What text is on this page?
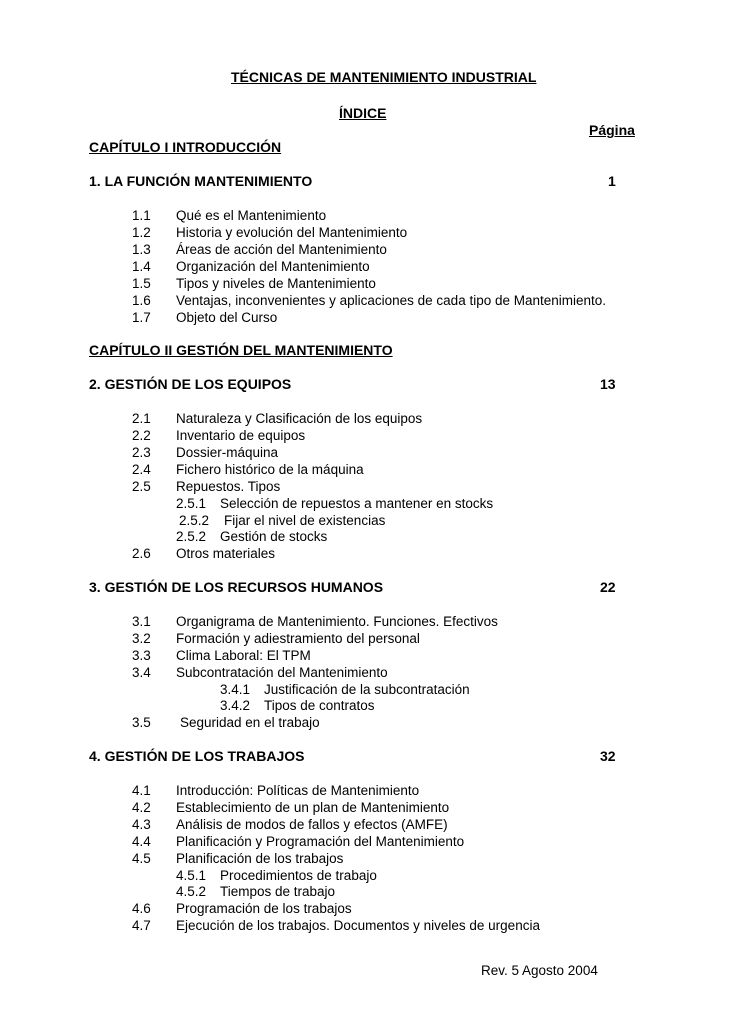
TÉCNICAS DE MANTENIMIENTO INDUSTRIAL
ÍNDICE
Página
CAPÍTULO I INTRODUCCIÓN
1. LA FUNCIÓN MANTENIMIENTO	1
1.1 Qué es el Mantenimiento
1.2 Historia y evolución del Mantenimiento
1.3 Áreas de acción del Mantenimiento
1.4 Organización del Mantenimiento
1.5 Tipos y niveles de Mantenimiento
1.6 Ventajas, inconvenientes y aplicaciones de cada tipo de Mantenimiento.
1.7 Objeto del Curso
CAPÍTULO II GESTIÓN DEL MANTENIMIENTO
2. GESTIÓN DE LOS EQUIPOS	13
2.1 Naturaleza y Clasificación de los equipos
2.2 Inventario de equipos
2.3 Dossier-máquina
2.4 Fichero histórico de la máquina
2.5 Repuestos. Tipos
2.5.1 Selección de repuestos a mantener en stocks
2.5.2 Fijar el nivel de existencias
2.5.2 Gestión de stocks
2.6 Otros materiales
3. GESTIÓN DE LOS RECURSOS HUMANOS	22
3.1 Organigrama de Mantenimiento. Funciones. Efectivos
3.2 Formación y adiestramiento del personal
3.3 Clima Laboral: El TPM
3.4 Subcontratación del Mantenimiento
3.4.1 Justificación de la subcontratación
3.4.2 Tipos de contratos
3.5 Seguridad en el trabajo
4. GESTIÓN DE LOS TRABAJOS	32
4.1 Introducción: Políticas de Mantenimiento
4.2 Establecimiento de un plan de Mantenimiento
4.3 Análisis de modos de fallos y efectos (AMFE)
4.4 Planificación y Programación del Mantenimiento
4.5 Planificación de los trabajos
4.5.1 Procedimientos de trabajo
4.5.2 Tiempos de trabajo
4.6 Programación de los trabajos
4.7 Ejecución de los trabajos. Documentos y niveles de urgencia
Rev. 5 Agosto 2004
